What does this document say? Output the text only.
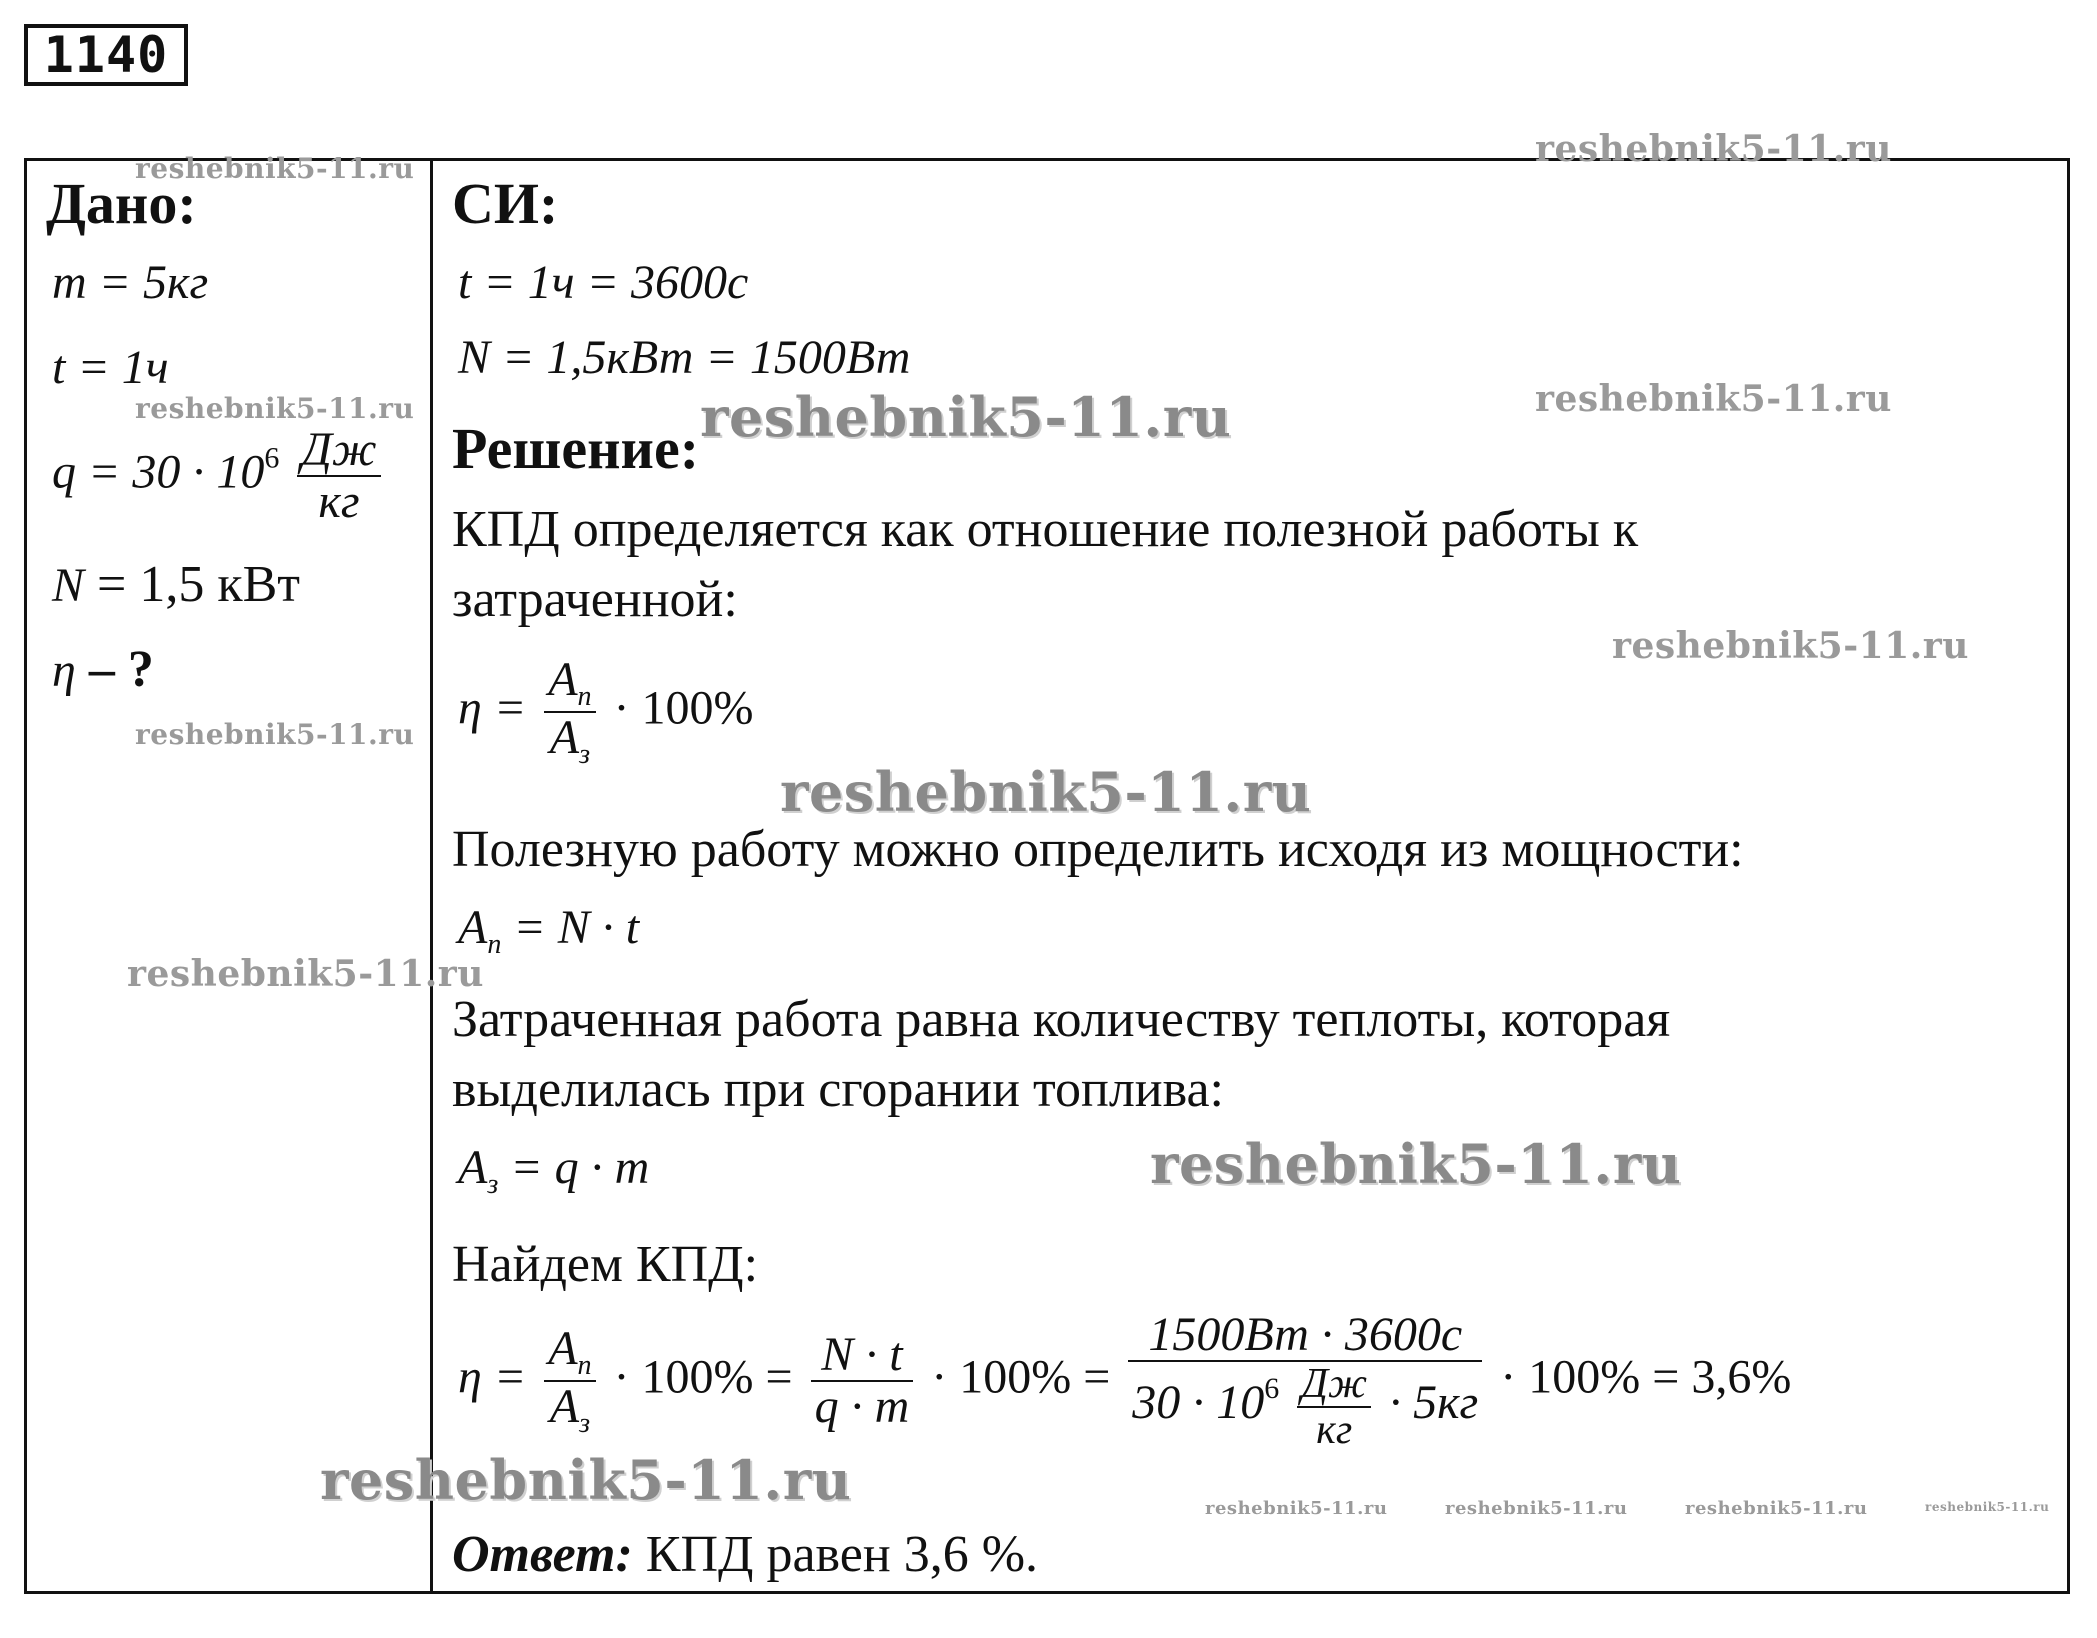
1140
Дано:
m = 5кг
t = 1ч
$q = 30 \cdot 10^6 \frac{Дж}{кг}$
N = 1,5 кВт
η – ?
СИ:
t = 1ч = 3600с
N = 1,5кВт = 1500Вт
Решение:
КПД определяется как отношение полезной работы к
затраченной:
$\eta = \frac{A_п}{A_з} \cdot 100\%$
Полезную работу можно определить исходя из мощности:
$A_п = N \cdot t$
Затраченная работа равна количеству теплоты, которая
выделилась при сгорании топлива:
$A_з = q \cdot m$
Найдем КПД:
$\eta = \frac{A_п}{A_з} \cdot 100\% = \frac{N \cdot t}{q \cdot m} \cdot 100\% = \frac{1500Вт \cdot 3600с}{30 \cdot 10^6 \frac{Дж}{кг} \cdot 5кг} \cdot 100\% = 3,6\%$
Ответ: КПД равен 3,6 %.
reshebnik5-11.ru	reshebnik5-11.ru
reshebnik5-11.ru	reshebnik5-11.ru	reshebnik5-11.ru
reshebnik5-11.ru
reshebnik5-11.ru
reshebnik5-11.ru
reshebnik5-11.ru
reshebnik5-11.ru
reshebnik5-11.ru	reshebnik5-11.ru	reshebnik5-11.ru	reshebnik5-11.ru	reshebnik5-11.ru
